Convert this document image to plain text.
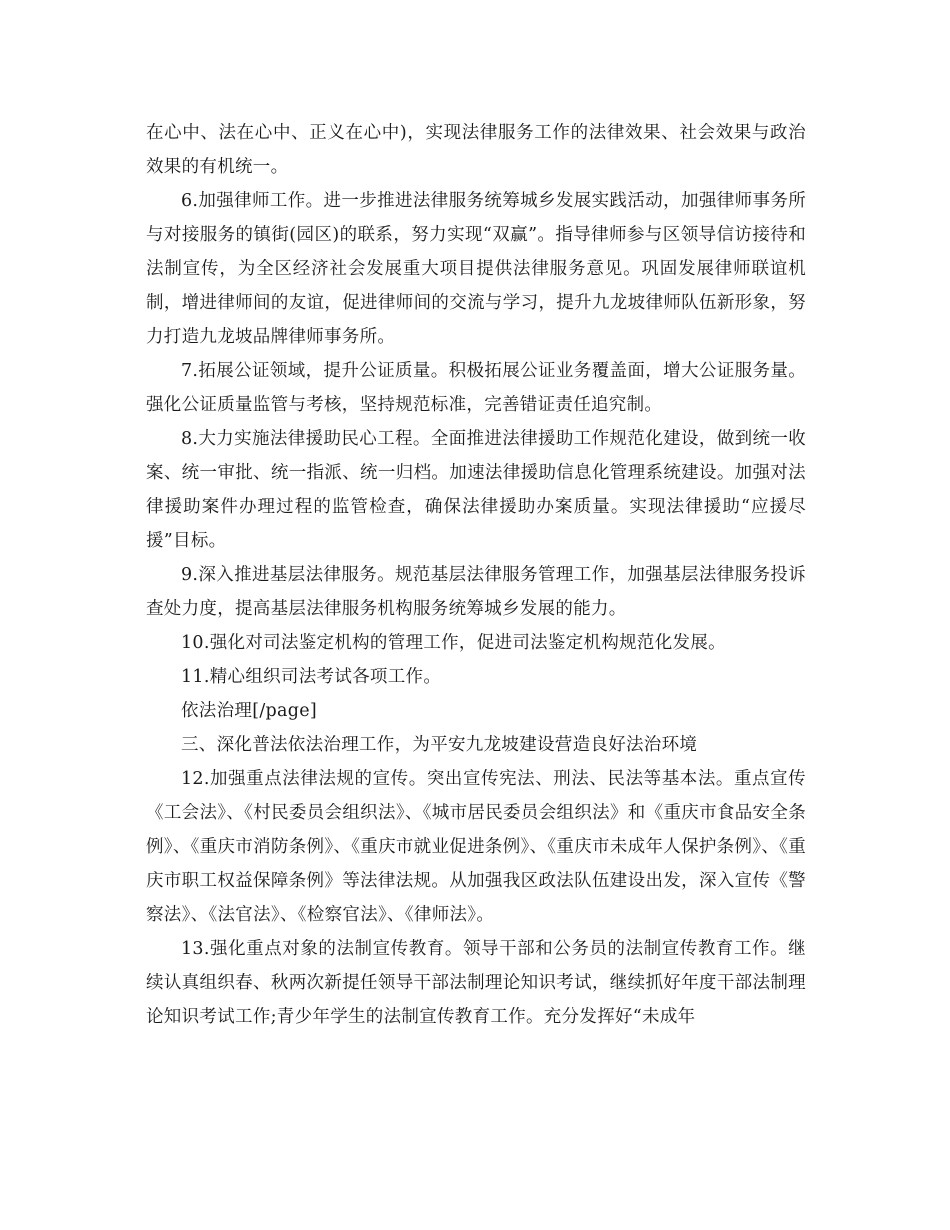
在心中、法在心中、正义在心中)，实现法律服务工作的法律效果、社会效果与政治效果的有机统一。

6.加强律师工作。进一步推进法律服务统筹城乡发展实践活动，加强律师事务所与对接服务的镇街(园区)的联系，努力实现“双赢”。指导律师参与区领导信访接待和法制宣传，为全区经济社会发展重大项目提供法律服务意见。巩固发展律师联谊机制，增进律师间的友谊，促进律师间的交流与学习，提升九龙坡律师队伍新形象，努力打造九龙坡品牌律师事务所。

7.拓展公证领域，提升公证质量。积极拓展公证业务覆盖面，增大公证服务量。强化公证质量监管与考核，坚持规范标准，完善错证责任追究制。

8.大力实施法律援助民心工程。全面推进法律援助工作规范化建设，做到统一收案、统一审批、统一指派、统一归档。加速法律援助信息化管理系统建设。加强对法律援助案件办理过程的监管检查，确保法律援助办案质量。实现法律援助“应援尽援”目标。

9.深入推进基层法律服务。规范基层法律服务管理工作，加强基层法律服务投诉查处力度，提高基层法律服务机构服务统筹城乡发展的能力。

10.强化对司法鉴定机构的管理工作，促进司法鉴定机构规范化发展。

11.精心组织司法考试各项工作。

依法治理[/page]

三、深化普法依法治理工作，为平安九龙坡建设营造良好法治环境

12.加强重点法律法规的宣传。突出宣传宪法、刑法、民法等基本法。重点宣传《工会法》、《村民委员会组织法》、《城市居民委员会组织法》和《重庆市食品安全条例》、《重庆市消防条例》、《重庆市就业促进条例》、《重庆市未成年人保护条例》、《重庆市职工权益保障条例》等法律法规。从加强我区政法队伍建设出发，深入宣传《警察法》、《法官法》、《检察官法》、《律师法》。

13.强化重点对象的法制宣传教育。领导干部和公务员的法制宣传教育工作。继续认真组织春、秋两次新提任领导干部法制理论知识考试，继续抓好年度干部法制理论知识考试工作;青少年学生的法制宣传教育工作。充分发挥好“未成年
